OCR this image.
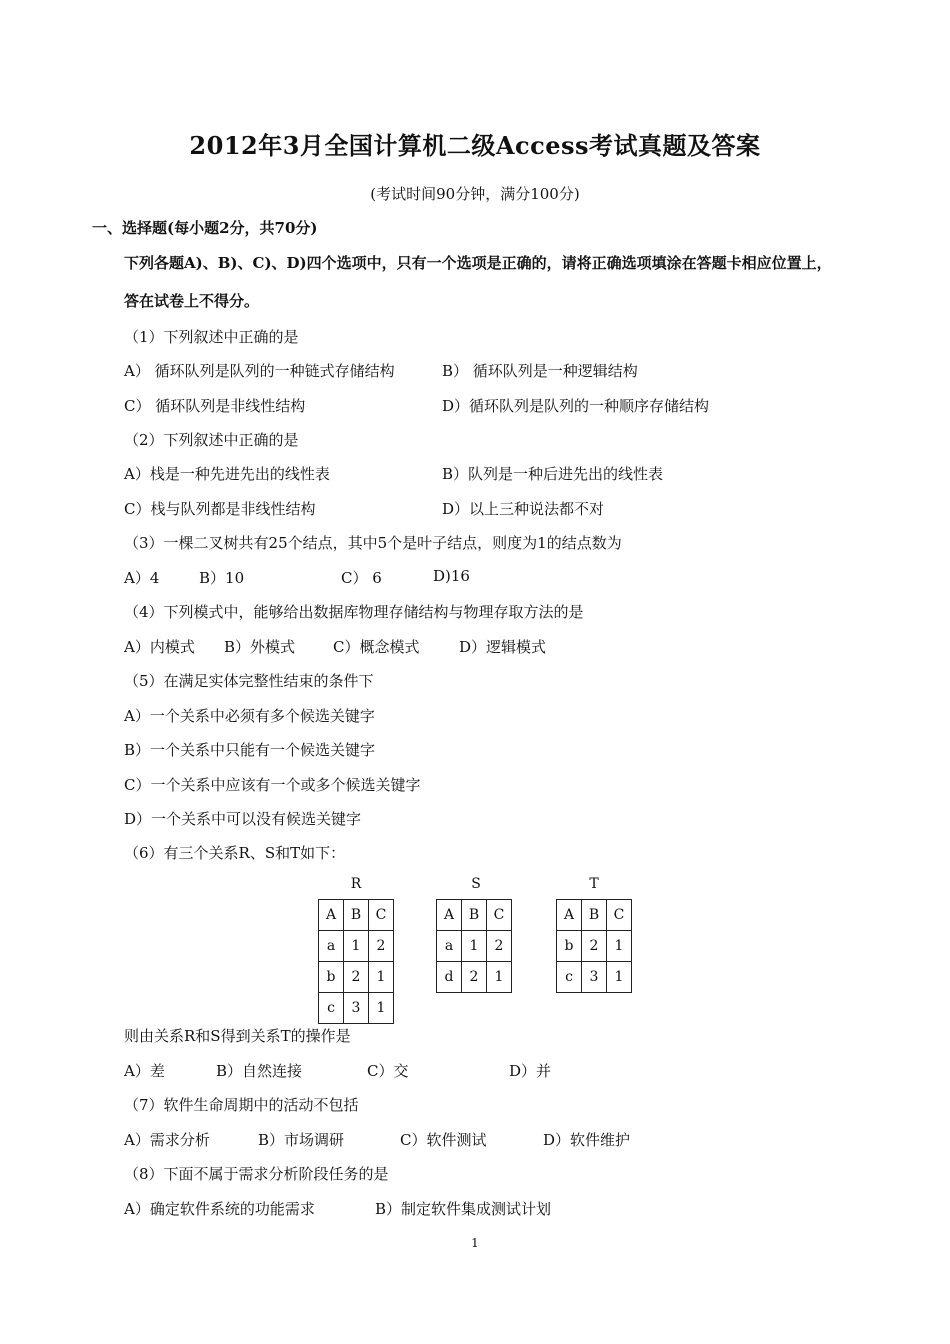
2012年3月全国计算机二级Access考试真题及答案
(考试时间90分钟，满分100分)
一、选择题(每小题2分，共70分)
下列各题A)、B)、C)、D)四个选项中，只有一个选项是正确的，请将正确选项填涂在答题卡相应位置上，
答在试卷上不得分。
（1）下列叙述中正确的是
A） 循环队列是队列的一种链式存储结构	B） 循环队列是一种逻辑结构
C） 循环队列是非线性结构	D）循环队列是队列的一种顺序存储结构
（2）下列叙述中正确的是
A）栈是一种先进先出的线性表	B）队列是一种后进先出的线性表
C）栈与队列都是非线性结构	D）以上三种说法都不对
（3）一棵二叉树共有25个结点，其中5个是叶子结点，则度为1的结点数为
A）4	B）10	C） 6	D)16
（4）下列模式中，能够给出数据库物理存储结构与物理存取方法的是
A）内模式 B）外模式	C）概念模式	D）逻辑模式
（5）在满足实体完整性结束的条件下
A）一个关系中必须有多个候选关键字
B）一个关系中只能有一个候选关键字
C）一个关系中应该有一个或多个候选关键字
D）一个关系中可以没有候选关键字
（6）有三个关系R、S和T如下：
R	S	T
A	B	C
a	1	2
b	2	1
c	3	1
A	B	C
a	1	2
d	2	1
A	B	C
b	2	1
c	3	1
则由关系R和S得到关系T的操作是
A）差	B）自然连接	C）交	D）并
（7）软件生命周期中的活动不包括
A）需求分析	B）市场调研	C）软件测试	D）软件维护
（8）下面不属于需求分析阶段任务的是
A）确定软件系统的功能需求	B）制定软件集成测试计划
1
